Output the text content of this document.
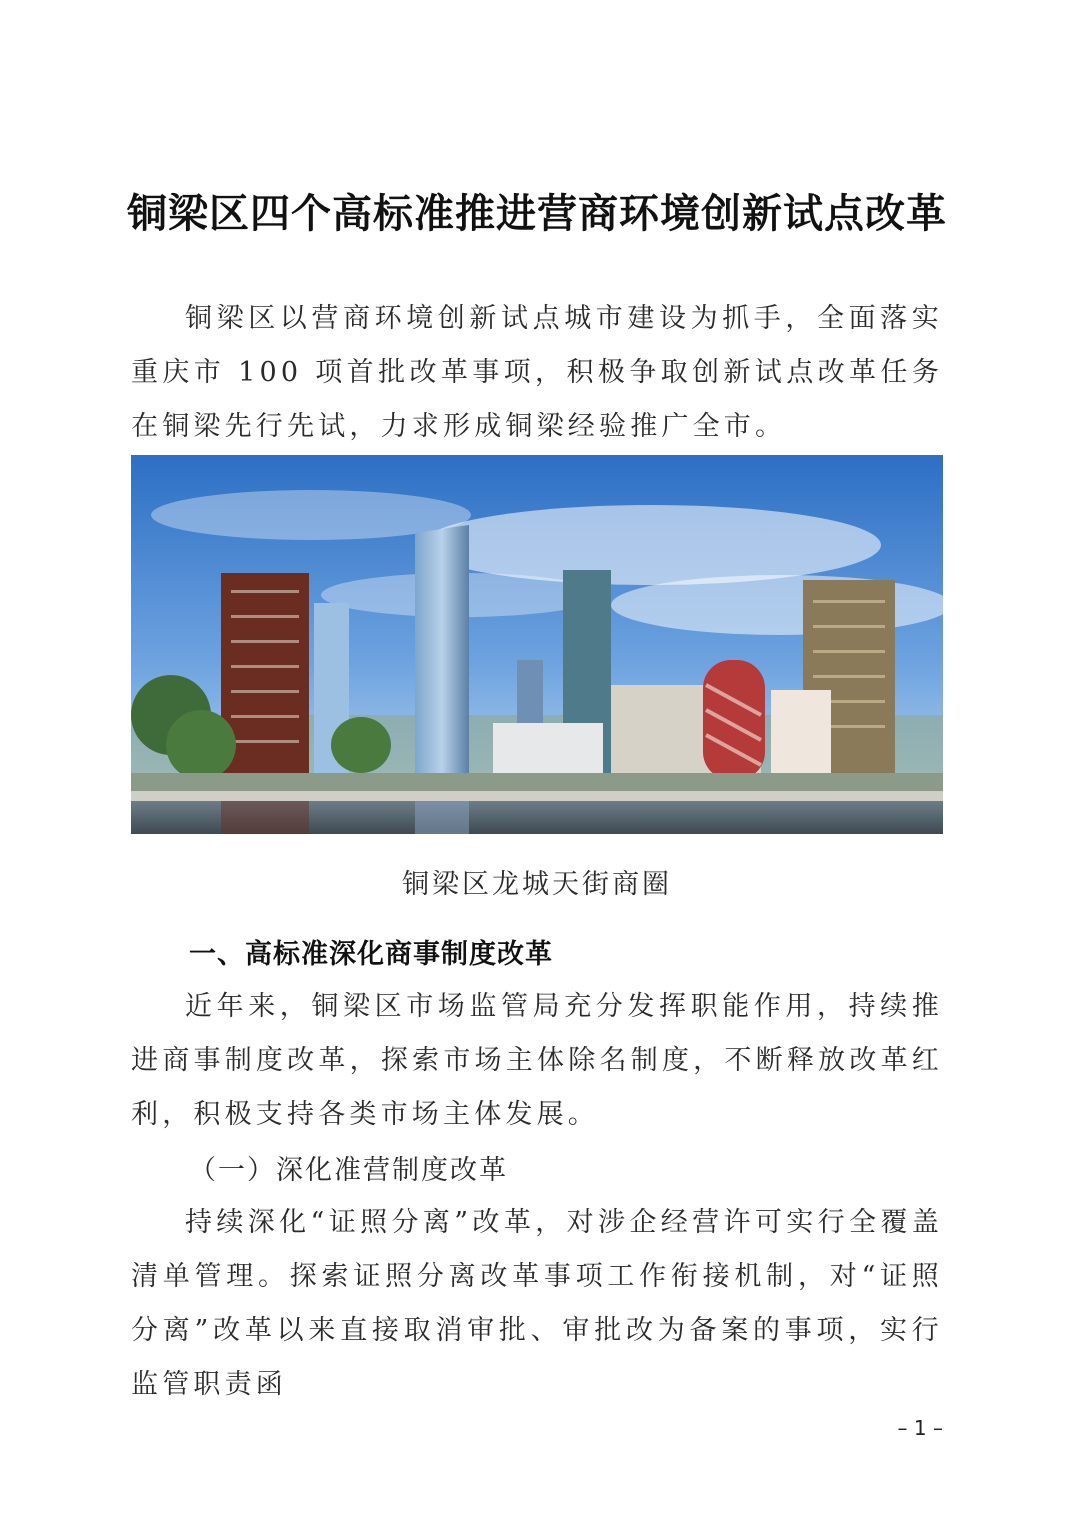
铜梁区四个高标准推进营商环境创新试点改革

铜梁区以营商环境创新试点城市建设为抓手，全面落实重庆市 100 项首批改革事项，积极争取创新试点改革任务在铜梁先行先试，力求形成铜梁经验推广全市。

铜梁区龙城天街商圈
一、高标准深化商事制度改革

近年来，铜梁区市场监管局充分发挥职能作用，持续推进商事制度改革，探索市场主体除名制度，不断释放改革红利，积极支持各类市场主体发展。

（一）深化准营制度改革

持续深化“证照分离”改革，对涉企经营许可实行全覆盖清单管理。探索证照分离改革事项工作衔接机制，对“证照分离”改革以来直接取消审批、审批改为备案的事项，实行监管职责函

– 1 –
